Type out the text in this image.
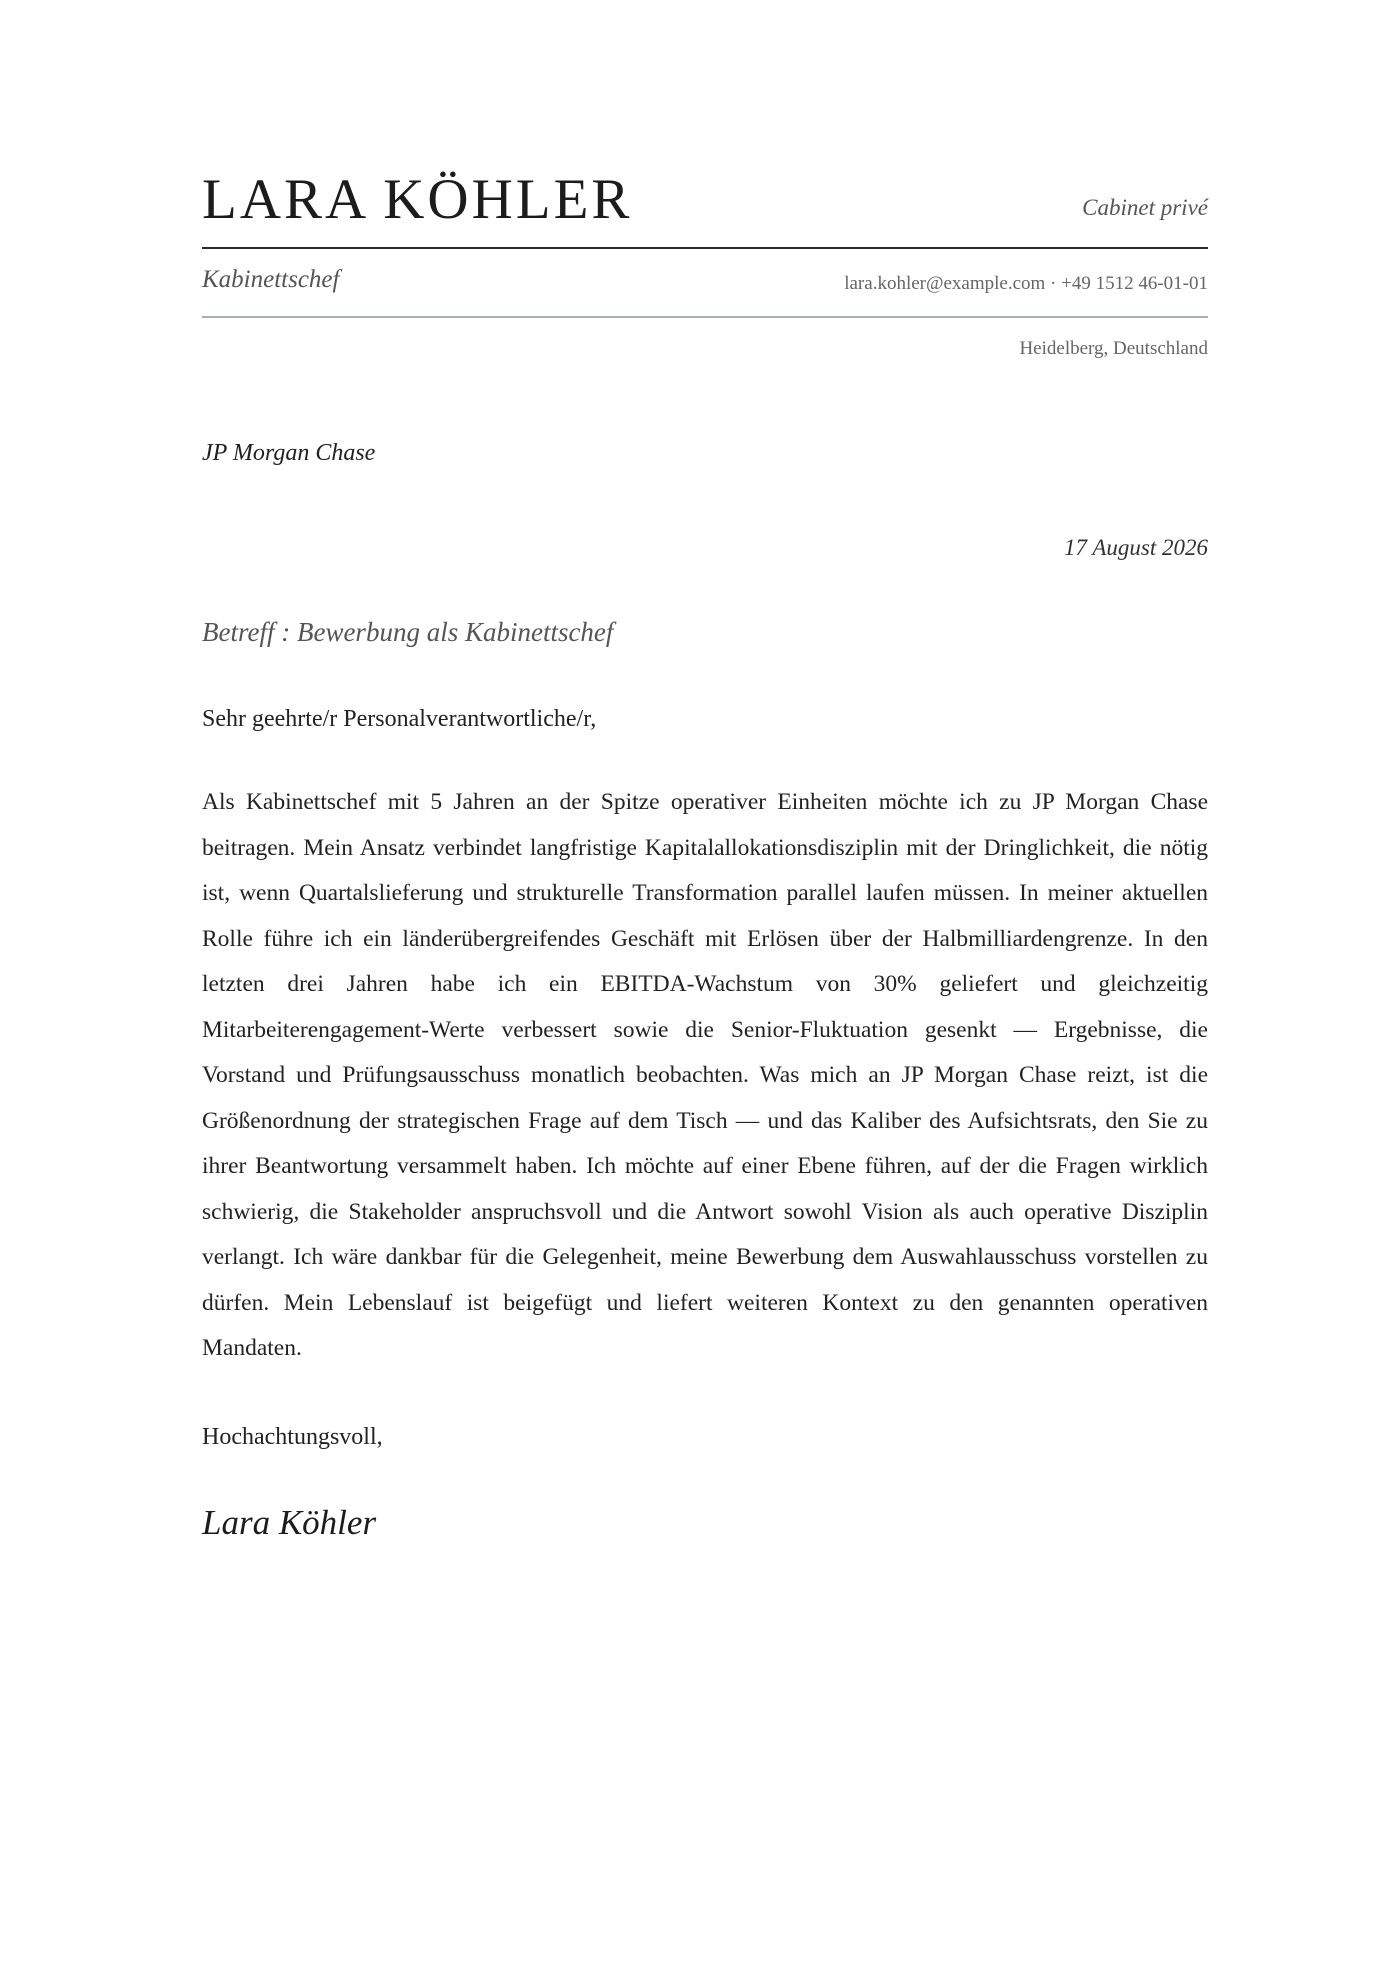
LARA KÖHLER	Cabinet privé
Kabinettschef	lara.kohler@example.com · +49 1512 46-01-01
Heidelberg, Deutschland
JP Morgan Chase
17 August 2026
Betreff : Bewerbung als Kabinettschef
Sehr geehrte/r Personalverantwortliche/r,

Als Kabinettschef mit 5 Jahren an der Spitze operativer Einheiten möchte ich zu JP Morgan Chase beitragen. Mein Ansatz verbindet langfristige Kapitalallokationsdisziplin mit der Dringlichkeit, die nötig ist, wenn Quartalslieferung und strukturelle Transformation parallel laufen müssen. In meiner aktuellen Rolle führe ich ein länderübergreifendes Geschäft mit Erlösen über der Halbmilliardengrenze. In den letzten drei Jahren habe ich ein EBITDA-Wachstum von 30% geliefert und gleichzeitig Mitarbeiterengagement-Werte verbessert sowie die Senior-Fluktuation gesenkt — Ergebnisse, die Vorstand und Prüfungsausschuss monatlich beobachten. Was mich an JP Morgan Chase reizt, ist die Größenordnung der strategischen Frage auf dem Tisch — und das Kaliber des Aufsichtsrats, den Sie zu ihrer Beantwortung versammelt haben. Ich möchte auf einer Ebene führen, auf der die Fragen wirklich schwierig, die Stakeholder anspruchsvoll und die Antwort sowohl Vision als auch operative Disziplin verlangt. Ich wäre dankbar für die Gelegenheit, meine Bewerbung dem Auswahlausschuss vorstellen zu dürfen. Mein Lebenslauf ist beigefügt und liefert weiteren Kontext zu den genannten operativen Mandaten.

Hochachtungsvoll,
Lara Köhler
